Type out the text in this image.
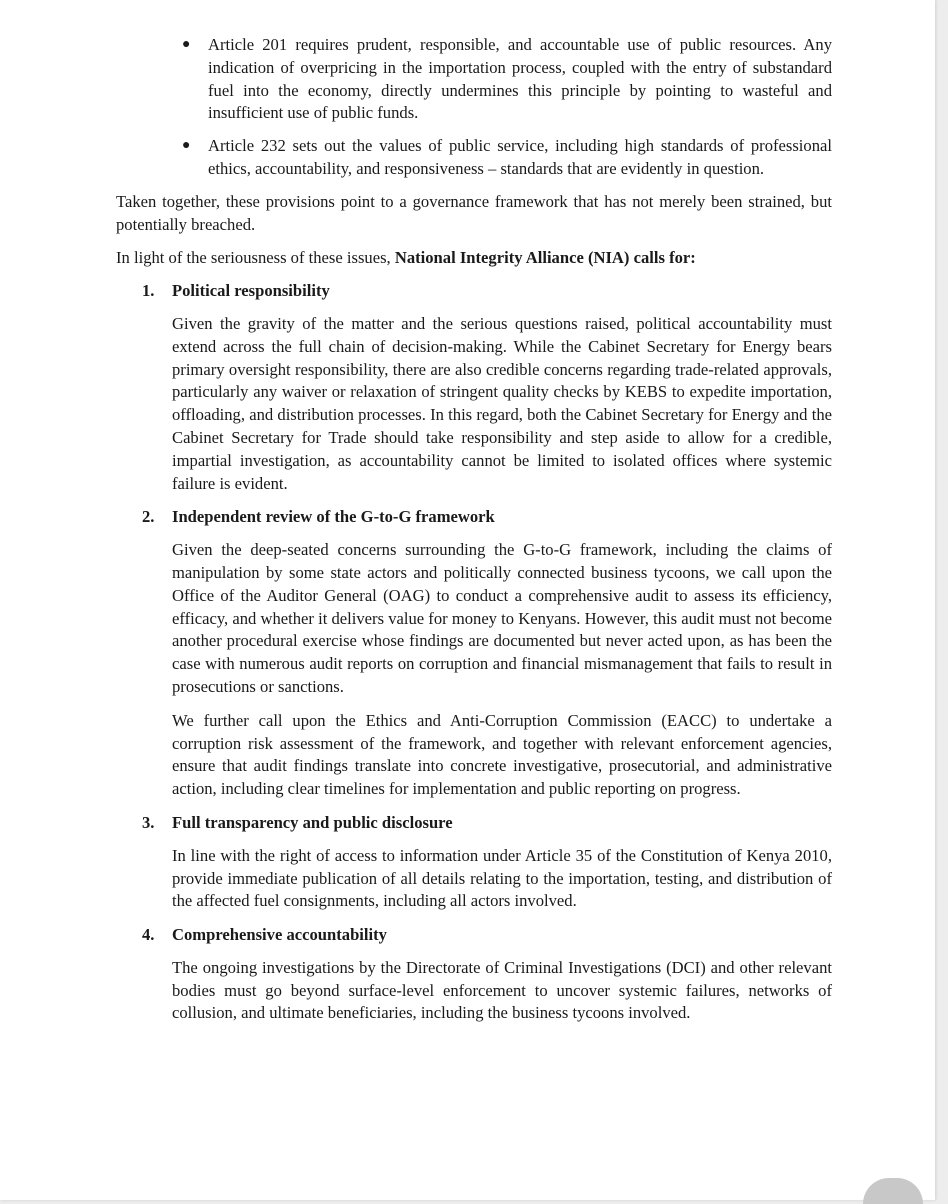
● Article 201 requires prudent, responsible, and accountable use of public resources. Any indication of overpricing in the importation process, coupled with the entry of substandard fuel into the economy, directly undermines this principle by pointing to wasteful and insufficient use of public funds.

● Article 232 sets out the values of public service, including high standards of professional ethics, accountability, and responsiveness – standards that are evidently in question.

Taken together, these provisions point to a governance framework that has not merely been strained, but potentially breached.

In light of the seriousness of these issues, National Integrity Alliance (NIA) calls for:

1. Political responsibility

Given the gravity of the matter and the serious questions raised, political accountability must extend across the full chain of decision-making. While the Cabinet Secretary for Energy bears primary oversight responsibility, there are also credible concerns regarding trade-related approvals, particularly any waiver or relaxation of stringent quality checks by KEBS to expedite importation, offloading, and distribution processes. In this regard, both the Cabinet Secretary for Energy and the Cabinet Secretary for Trade should take responsibility and step aside to allow for a credible, impartial investigation, as accountability cannot be limited to isolated offices where systemic failure is evident.

2. Independent review of the G-to-G framework

Given the deep-seated concerns surrounding the G-to-G framework, including the claims of manipulation by some state actors and politically connected business tycoons, we call upon the Office of the Auditor General (OAG) to conduct a comprehensive audit to assess its efficiency, efficacy, and whether it delivers value for money to Kenyans. However, this audit must not become another procedural exercise whose findings are documented but never acted upon, as has been the case with numerous audit reports on corruption and financial mismanagement that fails to result in prosecutions or sanctions.

We further call upon the Ethics and Anti-Corruption Commission (EACC) to undertake a corruption risk assessment of the framework, and together with relevant enforcement agencies, ensure that audit findings translate into concrete investigative, prosecutorial, and administrative action, including clear timelines for implementation and public reporting on progress.

3. Full transparency and public disclosure

In line with the right of access to information under Article 35 of the Constitution of Kenya 2010, provide immediate publication of all details relating to the importation, testing, and distribution of the affected fuel consignments, including all actors involved.

4. Comprehensive accountability

The ongoing investigations by the Directorate of Criminal Investigations (DCI) and other relevant bodies must go beyond surface-level enforcement to uncover systemic failures, networks of collusion, and ultimate beneficiaries, including the business tycoons involved.
